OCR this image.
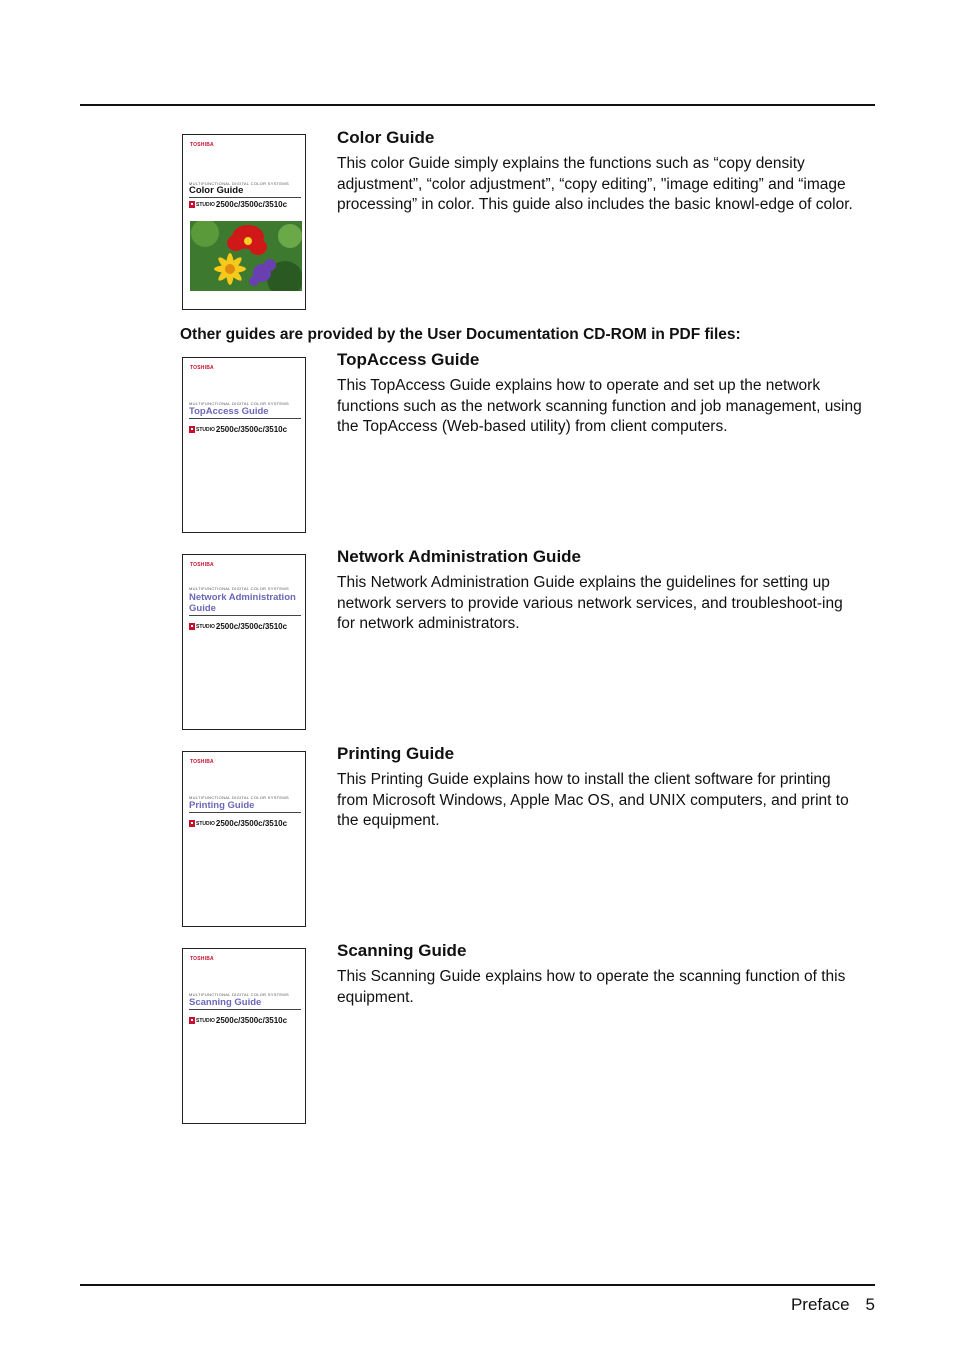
TOSHIBA
MULTIFUNCTIONAL DIGITAL COLOR SYSTEMS
Color Guide
STUDIO 2500c/3500c/3510c
Color Guide

This color Guide simply explains the functions such as “copy density adjustment”, “color adjustment”, “copy editing”, "image editing” and “image processing” in color. This guide also includes the basic knowl-edge of color.

Other guides are provided by the User Documentation CD-ROM in PDF files:
TOSHIBA
MULTIFUNCTIONAL DIGITAL COLOR SYSTEMS
TopAccess Guide
STUDIO 2500c/3500c/3510c
TopAccess Guide

This TopAccess Guide explains how to operate and set up the network functions such as the network scanning function and job management, using the TopAccess (Web-based utility) from client computers.

TOSHIBA
MULTIFUNCTIONAL DIGITAL COLOR SYSTEMS
Network Administration Guide
STUDIO 2500c/3500c/3510c
Network Administration Guide

This Network Administration Guide explains the guidelines for setting up network servers to provide various network services, and troubleshoot-ing for network administrators.

TOSHIBA
MULTIFUNCTIONAL DIGITAL COLOR SYSTEMS
Printing Guide
STUDIO 2500c/3500c/3510c
Printing Guide

This Printing Guide explains how to install the client software for printing from Microsoft Windows, Apple Mac OS, and UNIX computers, and print to the equipment.

TOSHIBA
MULTIFUNCTIONAL DIGITAL COLOR SYSTEMS
Scanning Guide
STUDIO 2500c/3500c/3510c
Scanning Guide

This Scanning Guide explains how to operate the scanning function of this equipment.

Preface 5
